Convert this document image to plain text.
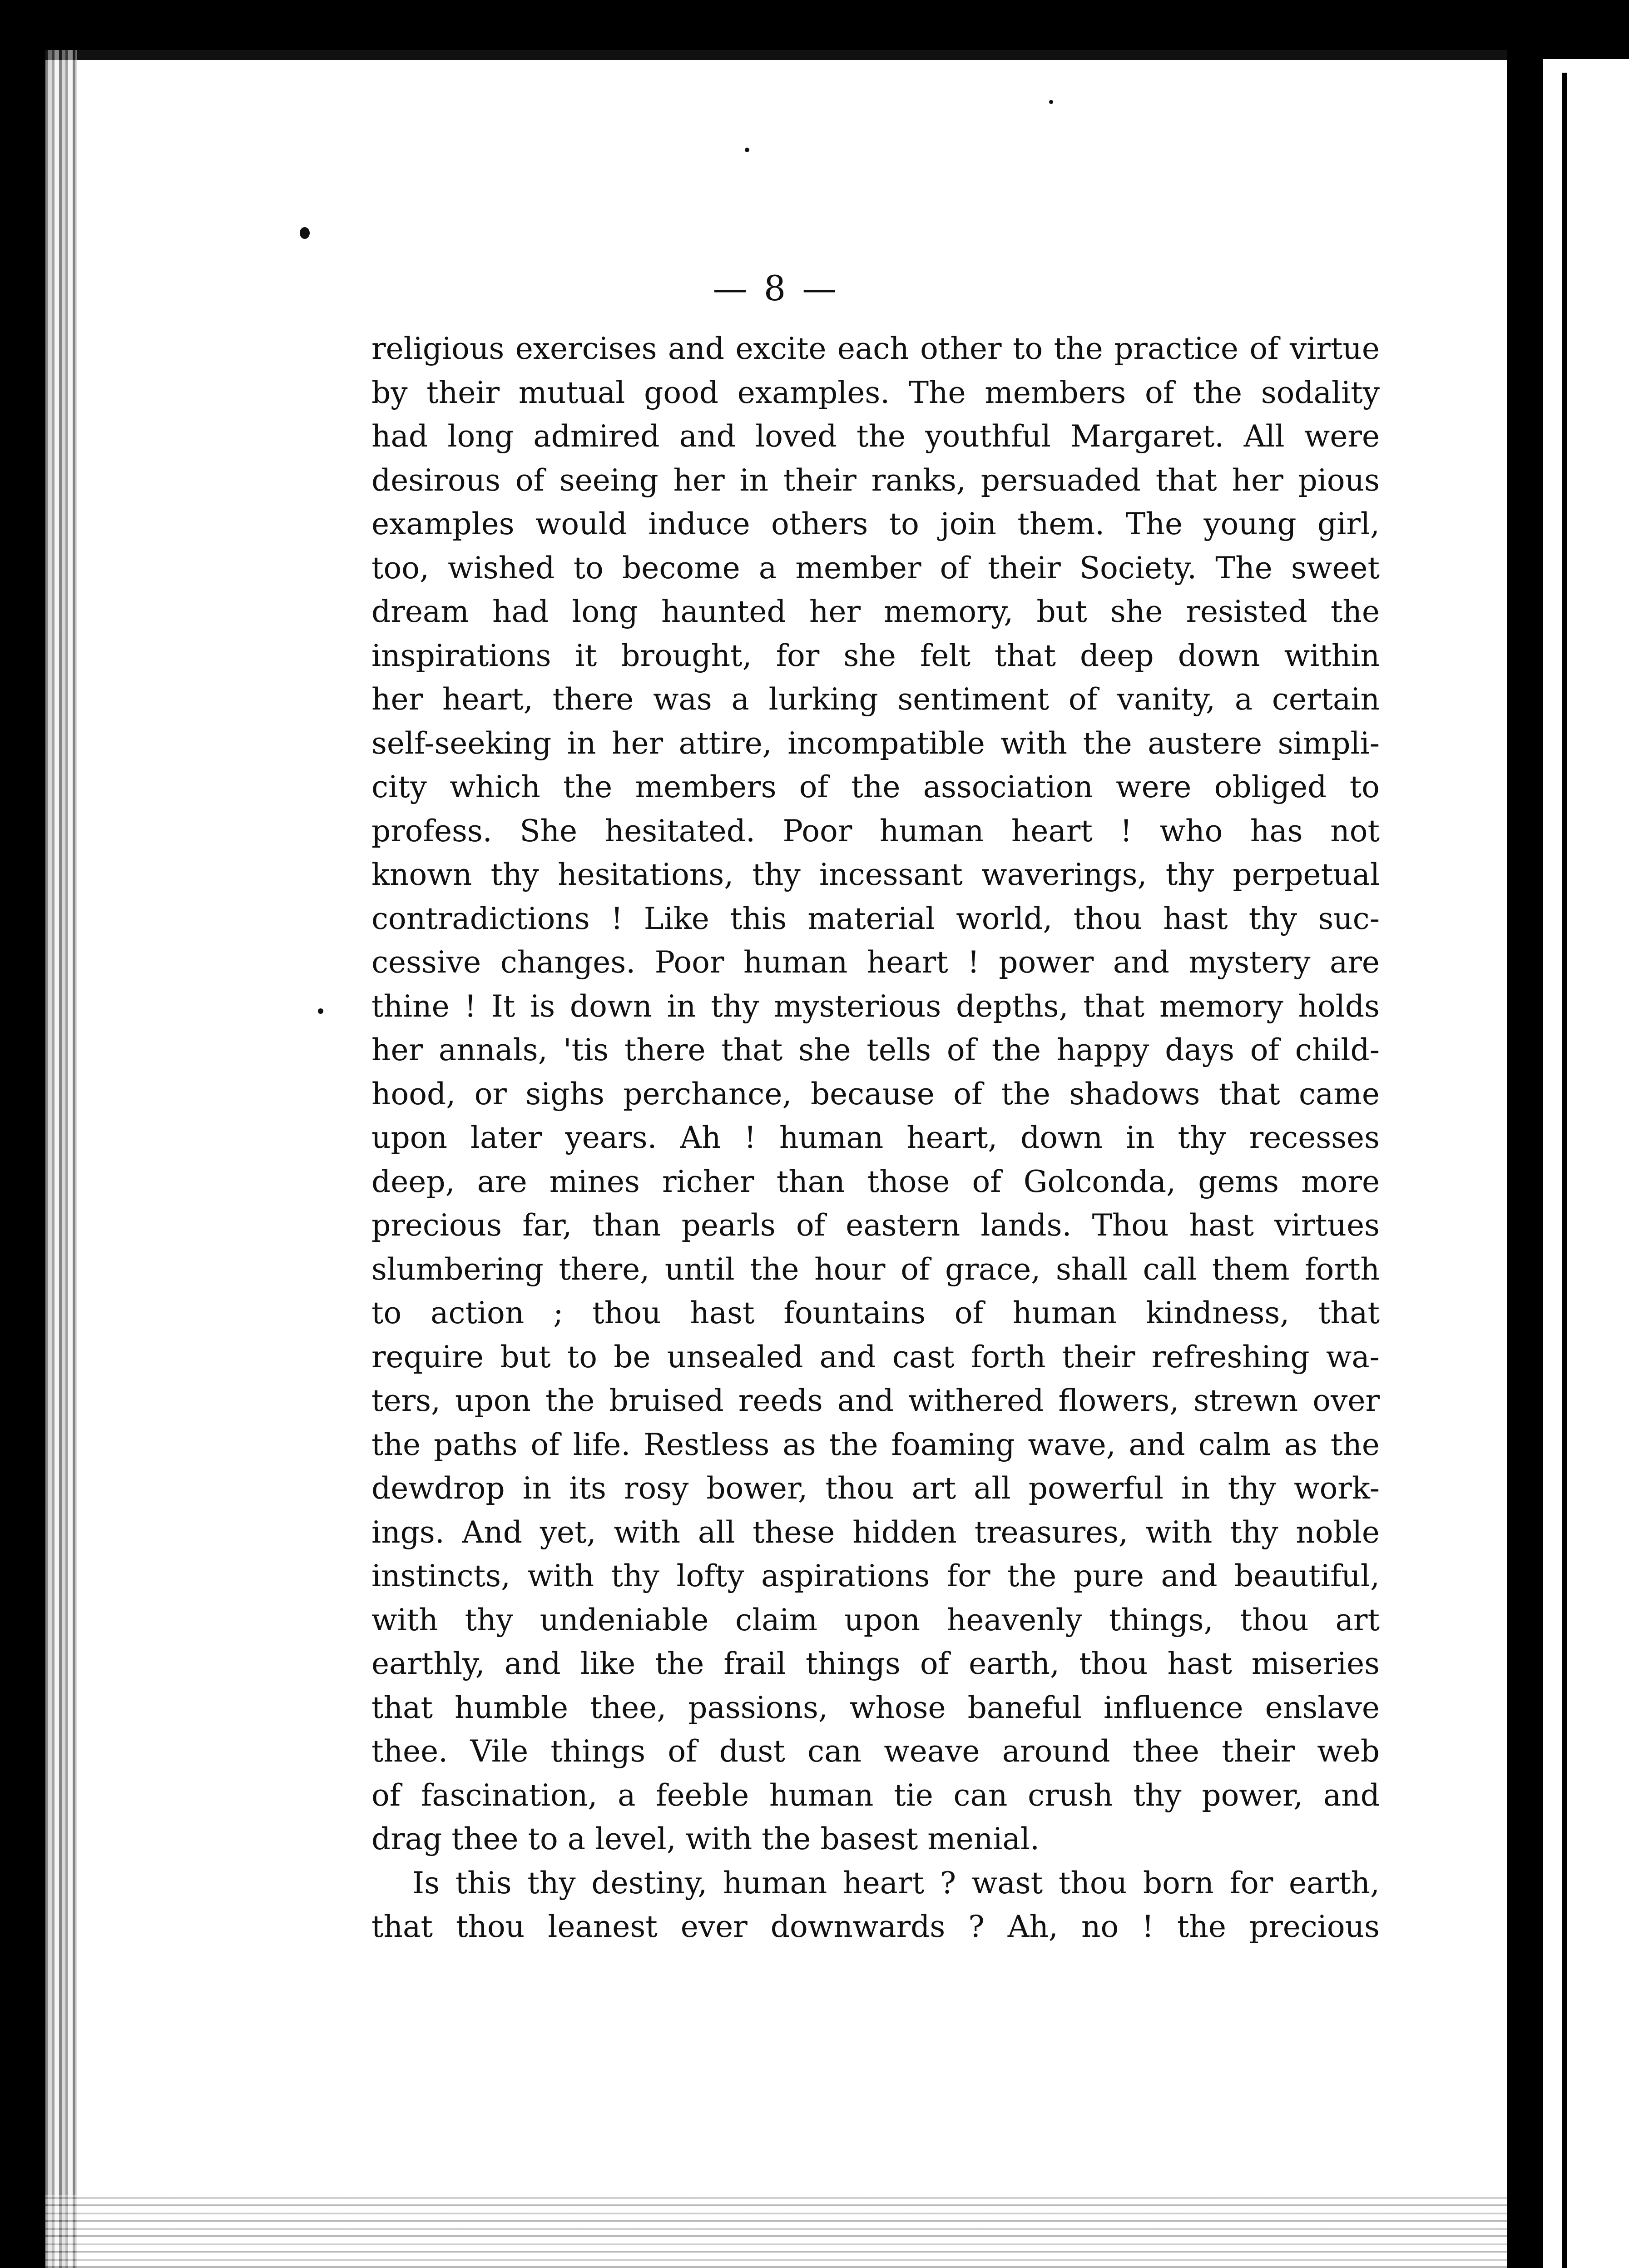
— 8 —
religious exercises and excite each other to the practice of virtue
by their mutual good examples. The members of the sodality
had long admired and loved the youthful Margaret. All were
desirous of seeing her in their ranks, persuaded that her pious
examples would induce others to join them. The young girl,
too, wished to become a member of their Society. The sweet
dream had long haunted her memory, but she resisted the
inspirations it brought, for she felt that deep down within
her heart, there was a lurking sentiment of vanity, a certain
self-seeking in her attire, incompatible with the austere simpli-
city which the members of the association were obliged to
profess. She hesitated. Poor human heart ! who has not
known thy hesitations, thy incessant waverings, thy perpetual
contradictions ! Like this material world, thou hast thy suc-
cessive changes. Poor human heart ! power and mystery are
thine ! It is down in thy mysterious depths, that memory holds
her annals, 'tis there that she tells of the happy days of child-
hood, or sighs perchance, because of the shadows that came
upon later years. Ah ! human heart, down in thy recesses
deep, are mines richer than those of Golconda, gems more
precious far, than pearls of eastern lands. Thou hast virtues
slumbering there, until the hour of grace, shall call them forth
to action ; thou hast fountains of human kindness, that
require but to be unsealed and cast forth their refreshing wa-
ters, upon the bruised reeds and withered flowers, strewn over
the paths of life. Restless as the foaming wave, and calm as the
dewdrop in its rosy bower, thou art all powerful in thy work-
ings. And yet, with all these hidden treasures, with thy noble
instincts, with thy lofty aspirations for the pure and beautiful,
with thy undeniable claim upon heavenly things, thou art
earthly, and like the frail things of earth, thou hast miseries
that humble thee, passions, whose baneful influence enslave
thee. Vile things of dust can weave around thee their web
of fascination, a feeble human tie can crush thy power, and
drag thee to a level, with the basest menial.
Is this thy destiny, human heart ? wast thou born for earth,
that thou leanest ever downwards ? Ah, no ! the precious
